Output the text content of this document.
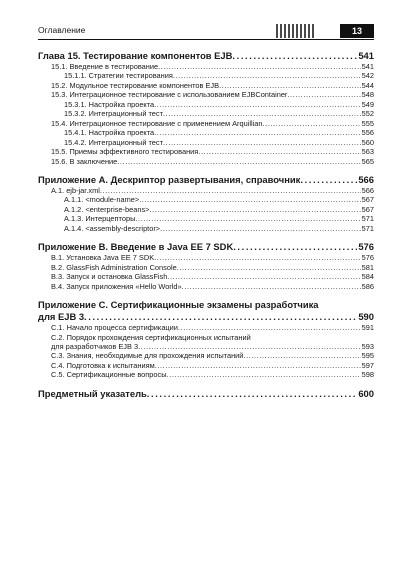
Оглавление	13
Глава 15. Тестирование компонентов EJB .....	541
15.1. Введение в тестирование .....	541
15.1.1. Стратегии тестирования .....	542
15.2. Модульное тестирование компонентов EJB .....	544
15.3. Интеграционное тестирование с использованием EJBContainer .....	548
15.3.1. Настройка проекта .....	549
15.3.2. Интеграционный тест .....	552
15.4. Интеграционное тестирование с применением Arquillian .....	555
15.4.1. Настройка проекта .....	556
15.4.2. Интеграционный тест .....	560
15.5. Приемы эффективного тестирования .....	563
15.6. В заключение .....	565
Приложение А. Дескриптор развертывания, справочник .....	566
A.1. ejb-jar.xml .....	566
A.1.1. <module-name> .....	567
A.1.2. <enterprise-beans> .....	567
A.1.3. Интерцепторы .....	571
A.1.4. <assembly-descriptor> .....	571
Приложение В. Введение в Java EE 7 SDK .....	576
B.1. Установка Java EE 7 SDK .....	576
B.2. GlassFish Administration Console .....	581
B.3. Запуск и остановка GlassFish .....	584
B.4. Запуск приложения «Hello World» .....	586
Приложение С. Сертификационные экзамены разработчика
для EJB 3 .....	590
C.1. Начало процесса сертификации .....	591
C.2. Порядок прохождения сертификационных испытаний
для разработчиков EJB 3 .....	593
C.3. Знания, необходимые для прохождения испытаний .....	595
C.4. Подготовка к испытаниям .....	597
C.5. Сертификационные вопросы .....	598
Предметный указатель .....	600
